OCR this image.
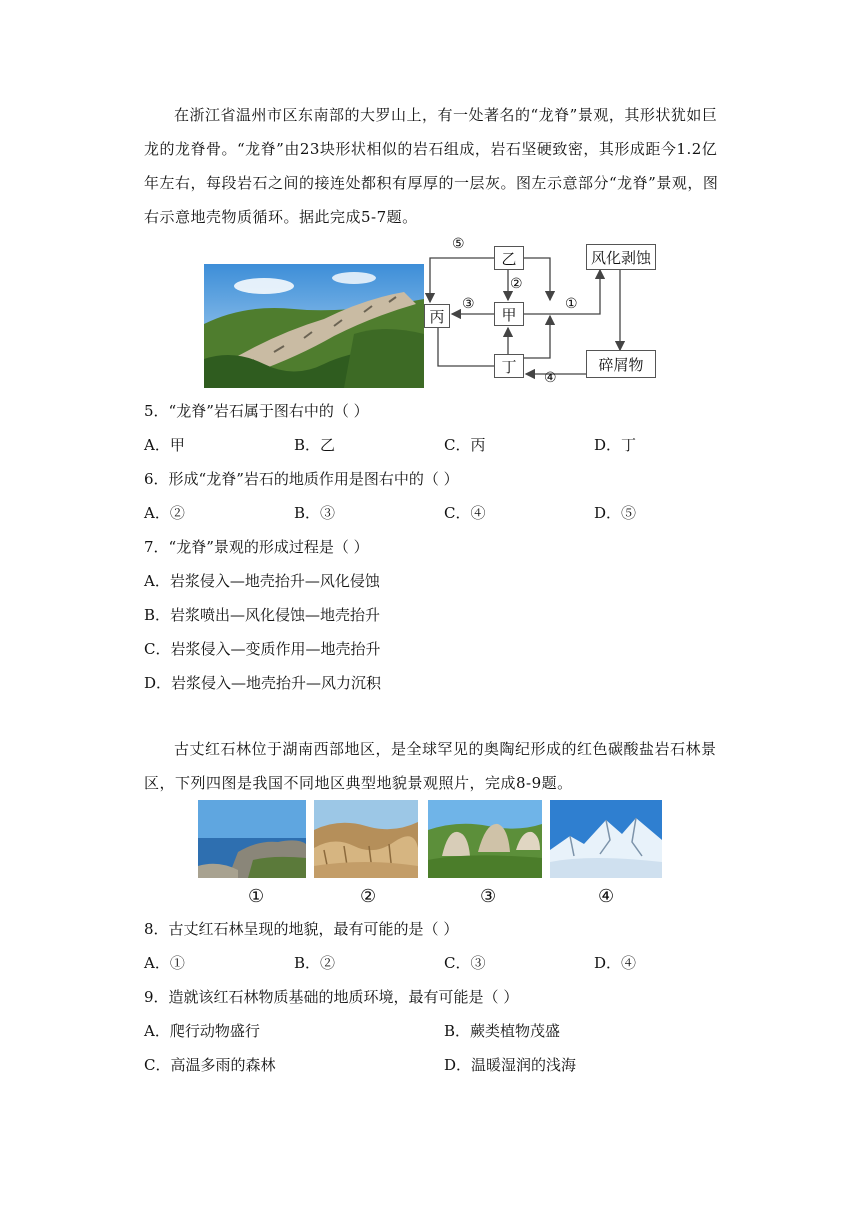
在浙江省温州市区东南部的大罗山上，有一处著名的“龙脊”景观，其形状犹如巨龙的龙脊骨。“龙脊”由23块形状相似的岩石组成，岩石坚硬致密，其形成距今1.2亿年左右，每段岩石之间的接连处都积有厚厚的一层灰。图左示意部分“龙脊”景观，图右示意地壳物质循环。据此完成5-7题。
乙
甲
丙
丁
风化剥蚀
碎屑物
⑤
②
③	①
④
5．“龙脊”岩石属于图右中的（ ）
A．甲	B．乙	C．丙	D．丁
6．形成“龙脊”岩石的地质作用是图右中的（ ）
A．②	B．③	C．④	D．⑤
7．“龙脊”景观的形成过程是（ ）
A．岩浆侵入—地壳抬升—风化侵蚀
B．岩浆喷出—风化侵蚀—地壳抬升
C．岩浆侵入—变质作用—地壳抬升
D．岩浆侵入—地壳抬升—风力沉积
古丈红石林位于湖南西部地区，是全球罕见的奥陶纪形成的红色碳酸盐岩石林景区，下列四图是我国不同地区典型地貌景观照片，完成8-9题。
①	②	③	④
8．古丈红石林呈现的地貌，最有可能的是（ ）
A．①	B．②	C．③	D．④
9．造就该红石林物质基础的地质环境，最有可能是（ ）
A．爬行动物盛行	B．蕨类植物茂盛
C．高温多雨的森林	D．温暖湿润的浅海
